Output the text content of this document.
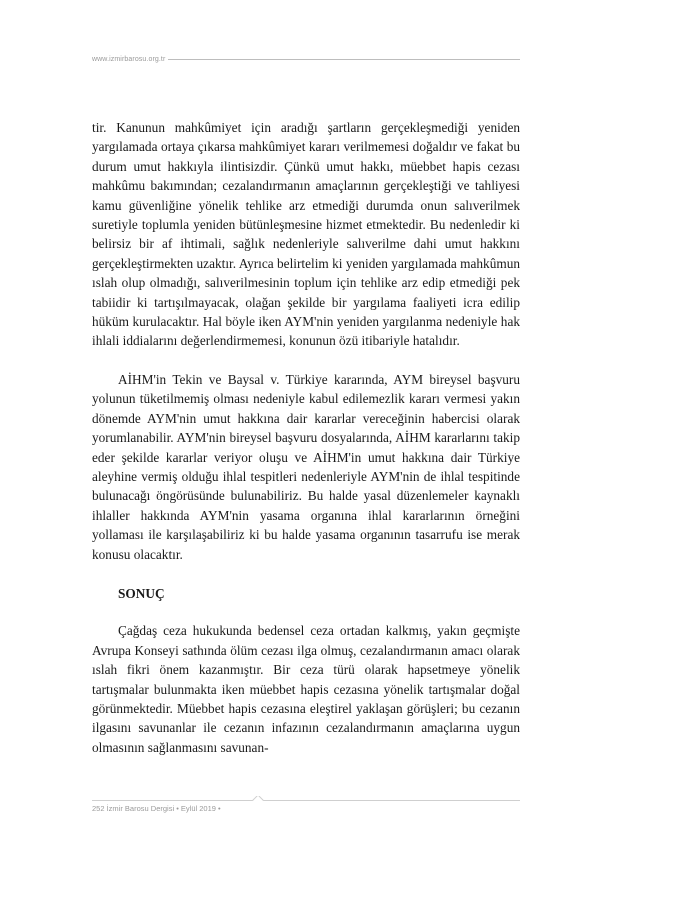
www.izmirbarosu.org.tr

tir. Kanunun mahkûmiyet için aradığı şartların gerçekleşmediği yeniden yargılamada ortaya çıkarsa mahkûmiyet kararı verilmemesi doğaldır ve fakat bu durum umut hakkıyla ilintisizdir. Çünkü umut hakkı, müebbet hapis cezası mahkûmu bakımından; cezalandırmanın amaçlarının gerçekleştiği ve tahliyesi kamu güvenliğine yönelik tehlike arz etmediği durumda onun salıverilmek suretiyle toplumla yeniden bütünleşmesine hizmet etmektedir. Bu nedenledir ki belirsiz bir af ihtimali, sağlık nedenleriyle salıverilme dahi umut hakkını gerçekleştirmekten uzaktır. Ayrıca belirtelim ki yeniden yargılamada mahkûmun ıslah olup olmadığı, salıverilmesinin toplum için tehlike arz edip etmediği pek tabiidir ki tartışılmayacak, olağan şekilde bir yargılama faaliyeti icra edilip hüküm kurulacaktır. Hal böyle iken AYM'nin yeniden yargılanma nedeniyle hak ihlali iddialarını değerlendirmemesi, konunun özü itibariyle hatalıdır.

AİHM'in Tekin ve Baysal v. Türkiye kararında, AYM bireysel başvuru yolunun tüketilmemiş olması nedeniyle kabul edilemezlik kararı vermesi yakın dönemde AYM'nin umut hakkına dair kararlar vereceğinin habercisi olarak yorumlanabilir. AYM'nin bireysel başvuru dosyalarında, AİHM kararlarını takip eder şekilde kararlar veriyor oluşu ve AİHM'in umut hakkına dair Türkiye aleyhine vermiş olduğu ihlal tespitleri nedenleriyle AYM'nin de ihlal tespitinde bulunacağı öngörüsünde bulunabiliriz. Bu halde yasal düzenlemeler kaynaklı ihlaller hakkında AYM'nin yasama organına ihlal kararlarının örneğini yollaması ile karşılaşabiliriz ki bu halde yasama organının tasarrufu ise merak konusu olacaktır.

SONUÇ

Çağdaş ceza hukukunda bedensel ceza ortadan kalkmış, yakın geçmişte Avrupa Konseyi sathında ölüm cezası ilga olmuş, cezalandırmanın amacı olarak ıslah fikri önem kazanmıştır. Bir ceza türü olarak hapsetmeye yönelik tartışmalar bulunmakta iken müebbet hapis cezasına yönelik tartışmalar doğal görünmektedir. Müebbet hapis cezasına eleştirel yaklaşan görüşleri; bu cezanın ilgasını savunanlar ile cezanın infazının cezalandırmanın amaçlarına uygun olmasının sağlanmasını savunan-

252 İzmir Barosu Dergisi • Eylül 2019 •
